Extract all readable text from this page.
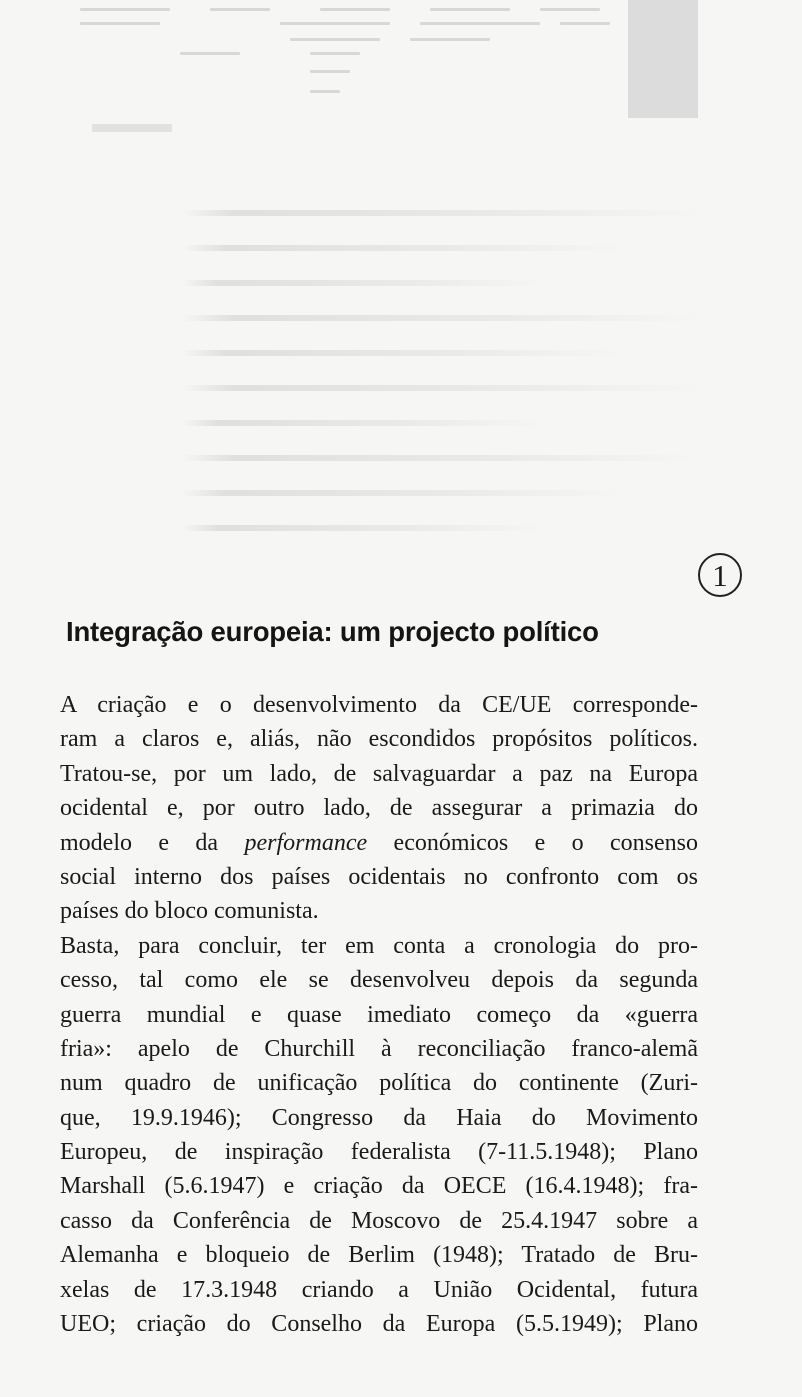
1
Integração europeia: um projecto político
A criação e o desenvolvimento da CE/UE corresponde-
ram a claros e, aliás, não escondidos propósitos políticos.
Tratou-se, por um lado, de salvaguardar a paz na Europa
ocidental e, por outro lado, de assegurar a primazia do
modelo e da performance económicos e o consenso
social interno dos países ocidentais no confronto com os
países do bloco comunista.
Basta, para concluir, ter em conta a cronologia do pro-
cesso, tal como ele se desenvolveu depois da segunda
guerra mundial e quase imediato começo da «guerra
fria»: apelo de Churchill à reconciliação franco-alemã
num quadro de unificação política do continente (Zuri-
que, 19.9.1946); Congresso da Haia do Movimento
Europeu, de inspiração federalista (7-11.5.1948); Plano
Marshall (5.6.1947) e criação da OECE (16.4.1948); fra-
casso da Conferência de Moscovo de 25.4.1947 sobre a
Alemanha e bloqueio de Berlim (1948); Tratado de Bru-
xelas de 17.3.1948 criando a União Ocidental, futura
UEO; criação do Conselho da Europa (5.5.1949); Plano
